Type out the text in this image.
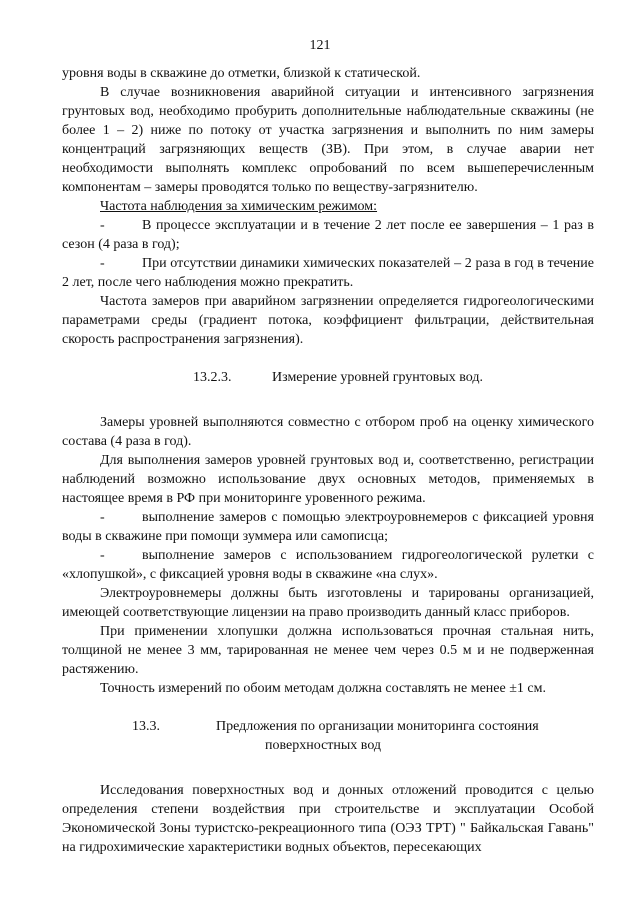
121

уровня воды в скважине до отметки, близкой к статической.

В случае возникновения аварийной ситуации и интенсивного загрязнения грунтовых вод, необходимо пробурить дополнительные наблюдательные скважины (не более 1 – 2) ниже по потоку от участка загрязнения и выполнить по ним замеры концентраций загрязняющих веществ (ЗВ). При этом, в случае аварии нет необходимости выполнять комплекс опробований по всем вышеперечисленным компонентам – замеры проводятся только по веществу-загрязнителю.

Частота наблюдения за химическим режимом:

-	В процессе эксплуатации и в течение 2 лет после ее завершения – 1 раз в сезон (4 раза в год);

-	При отсутствии динамики химических показателей – 2 раза в год в течение 2 лет, после чего наблюдения можно прекратить.

Частота замеров при аварийном загрязнении определяется гидрогеологическими параметрами среды (градиент потока, коэффициент фильтрации, действительная скорость распространения загрязнения).

13.2.3.	Измерение уровней грунтовых вод.

Замеры уровней выполняются совместно с отбором проб на оценку химического состава (4 раза в год).

Для выполнения замеров уровней грунтовых вод и, соответственно, регистрации наблюдений возможно использование двух основных методов, применяемых в настоящее время в РФ при мониторинге уровенного режима.

-	выполнение замеров с помощью электроуровнемеров с фиксацией уровня воды в скважине при помощи зуммера или самописца;

-	выполнение замеров с использованием гидрогеологической рулетки с «хлопушкой», с фиксацией уровня воды в скважине «на слух».

Электроуровнемеры должны быть изготовлены и тарированы организацией, имеющей соответствующие лицензии на право производить данный класс приборов.

При применении хлопушки должна использоваться прочная стальная нить, толщиной не менее 3 мм, тарированная не менее чем через 0.5 м и не подверженная растяжению.

Точность измерений по обоим методам должна составлять не менее ±1 см.

13.3.	Предложения по организации мониторинга состояния
поверхностных вод

Исследования поверхностных вод и донных отложений проводится с целью определения степени воздействия при строительстве и эксплуатации Особой Экономической Зоны туристско-рекреационного типа (ОЭЗ ТРТ) " Байкальская Гавань" на гидрохимические характеристики водных объектов, пересекающих
